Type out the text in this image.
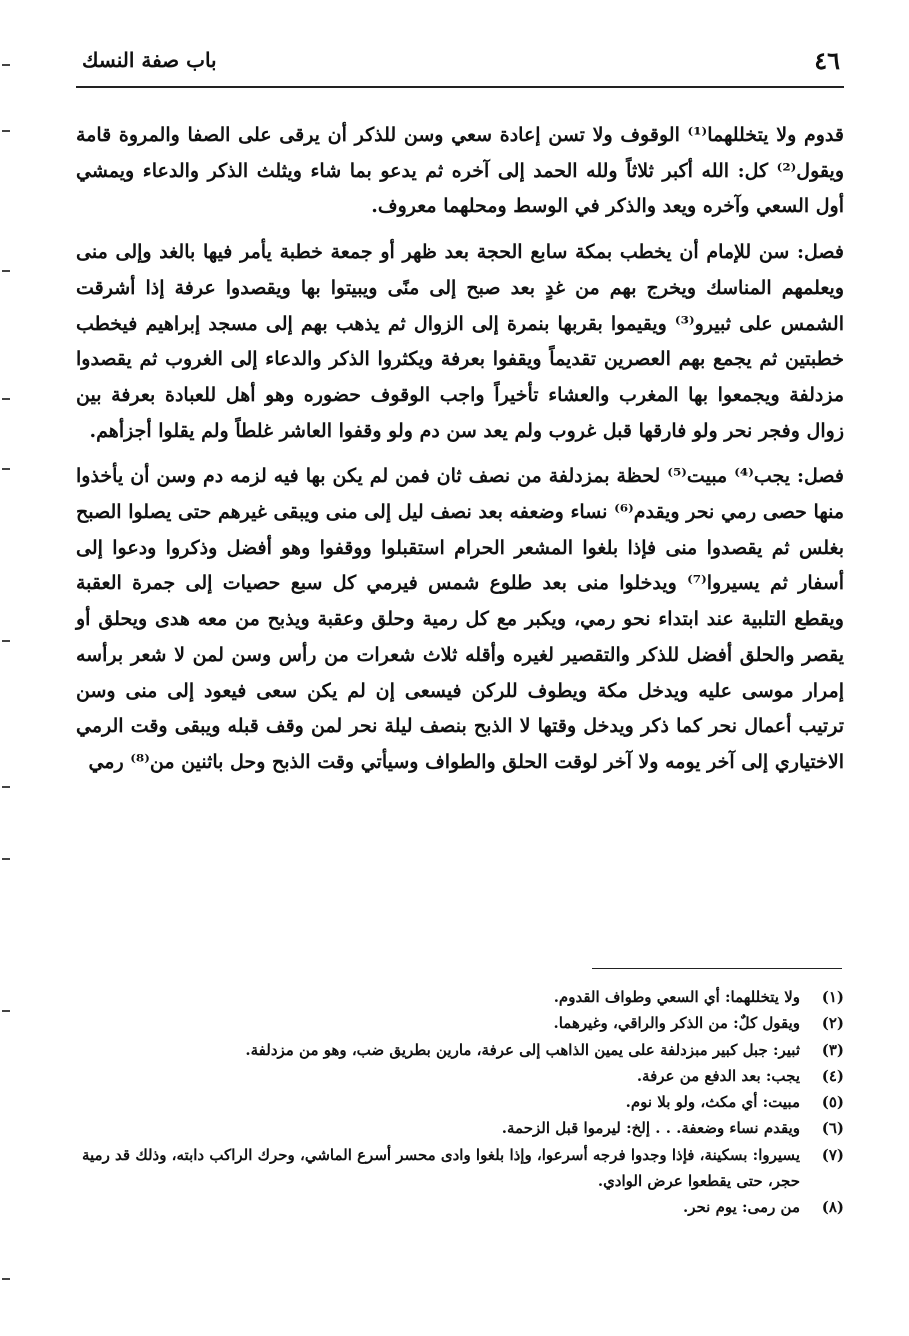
٤٦
باب صفة النسك

قدوم ولا يتخللهما⁽¹⁾ الوقوف ولا تسن إعادة سعي وسن للذكر أن يرقى على الصفا والمروة قامة ويقول⁽²⁾ كل: الله أكبر ثلاثاً ولله الحمد إلى آخره ثم يدعو بما شاء ويثلث الذكر والدعاء ويمشي أول السعي وآخره ويعد والذكر في الوسط ومحلهما معروف.

فصل: سن للإمام أن يخطب بمكة سابع الحجة بعد ظهر أو جمعة خطبة يأمر فيها بالغد وإلى منى ويعلمهم المناسك ويخرج بهم من غدٍ بعد صبح إلى منًى ويبيتوا بها ويقصدوا عرفة إذا أشرقت الشمس على ثبيرو⁽³⁾ ويقيموا بقربها بنمرة إلى الزوال ثم يذهب بهم إلى مسجد إبراهيم فيخطب خطبتين ثم يجمع بهم العصرين تقديماً ويقفوا بعرفة ويكثروا الذكر والدعاء إلى الغروب ثم يقصدوا مزدلفة ويجمعوا بها المغرب والعشاء تأخيراً واجب الوقوف حضوره وهو أهل للعبادة بعرفة بين زوال وفجر نحر ولو فارقها قبل غروب ولم يعد سن دم ولو وقفوا العاشر غلطاً ولم يقلوا أجزأهم.

فصل: يجب⁽⁴⁾ مبيت⁽⁵⁾ لحظة بمزدلفة من نصف ثان فمن لم يكن بها فيه لزمه دم وسن أن يأخذوا منها حصى رمي نحر ويقدم⁽⁶⁾ نساء وضعفه بعد نصف ليل إلى منى ويبقى غيرهم حتى يصلوا الصبح بغلس ثم يقصدوا منى فإذا بلغوا المشعر الحرام استقبلوا ووقفوا وهو أفضل وذكروا ودعوا إلى أسفار ثم يسيروا⁽⁷⁾ ويدخلوا منى بعد طلوع شمس فيرمي كل سبع حصيات إلى جمرة العقبة ويقطع التلبية عند ابتداء نحو رمي، ويكبر مع كل رمية وحلق وعقبة ويذبح من معه هدى ويحلق أو يقصر والحلق أفضل للذكر والتقصير لغيره وأقله ثلاث شعرات من رأس وسن لمن لا شعر برأسه إمرار موسى عليه ويدخل مكة ويطوف للركن فيسعى إن لم يكن سعى فيعود إلى منى وسن ترتيب أعمال نحر كما ذكر ويدخل وقتها لا الذبح بنصف ليلة نحر لمن وقف قبله ويبقى وقت الرمي الاختياري إلى آخر يومه ولا آخر لوقت الحلق والطواف وسيأتي وقت الذبح وحل باثنين من⁽⁸⁾ رمي

(١)
ولا يتخللهما: أي السعي وطواف القدوم.
(٢)
ويقول كلٌ: من الذكر والراقي، وغيرهما.
(٣)
ثبير: جبل كبير مبزدلفة على يمين الذاهب إلى عرفة، مارين بطريق ضب، وهو من مزدلفة.
(٤)
يجب: بعد الدفع من عرفة.
(٥)
مبيت: أي مكث، ولو بلا نوم.
(٦)
ويقدم نساء وضعفة. . . إلخ: ليرموا قبل الزحمة.
(٧)
يسيروا: بسكينة، فإذا وجدوا فرجه أسرعوا، وإذا بلغوا وادى محسر أسرع الماشي، وحرك الراكب دابته، وذلك قد رمية حجر، حتى يقطعوا عرض الوادي.
(٨)
من رمى: يوم نحر.
